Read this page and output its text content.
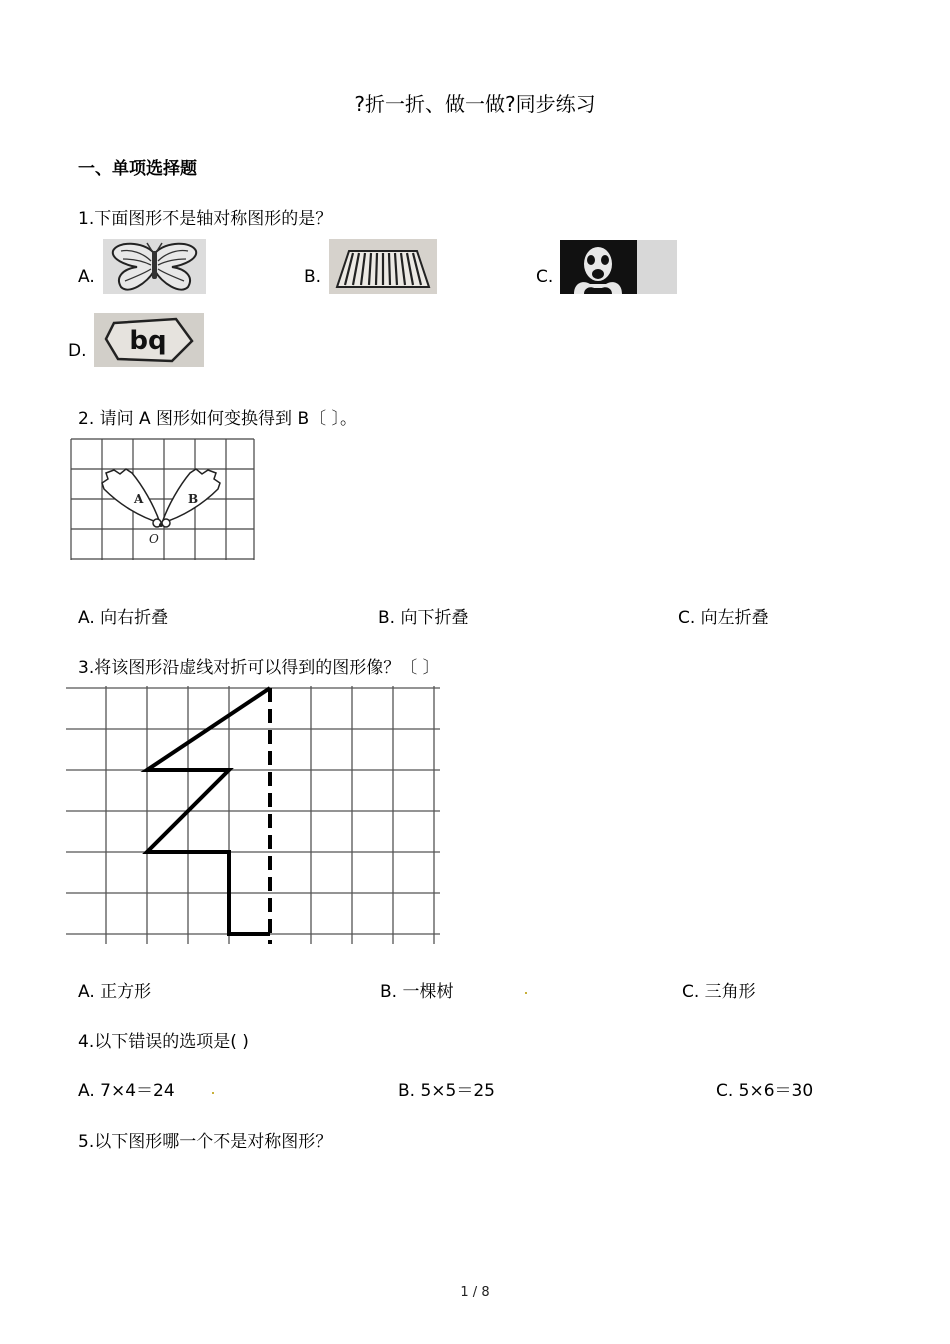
?折一折、做一做?同步练习
一、单项选择题
1.下面图形不是轴对称图形的是？
A.	B.	C.
D. bq
2. 请问 A 图形如何变换得到 B〔 〕。
A	B
O
A. 向右折叠	B. 向下折叠	C. 向左折叠
3.将该图形沿虚线对折可以得到的图形像？〔 〕
A. 正方形	B. 一棵树	C. 三角形
4.以下错误的选项是( )
A. 7×4＝24	B. 5×5＝25	C. 5×6＝30
5.以下图形哪一个不是对称图形？
1 / 8
